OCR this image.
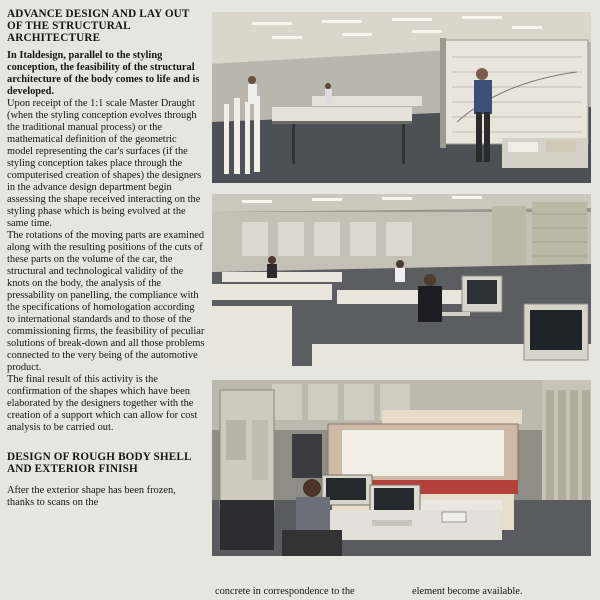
ADVANCE DESIGN AND LAY OUT OF THE STRUCTURAL ARCHITECTURE

In Italdesign, parallel to the styling conception, the feasibility of the structural architecture of the body comes to life and is developed.

Upon receipt of the 1:1 scale Master Draught (when the styling conception evolves through the traditional manual process) or the mathematical definition of the geometric model representing the car's surfaces (if the styling conception takes place through the computerised creation of shapes) the designers in the advance design department begin assessing the shape received interacting on the styling phase which is being evolved at the same time.

The rotations of the moving parts are examined along with the resulting positions of the cuts of these parts on the volume of the car, the structural and technological validity of the knots on the body, the analysis of the pressability on panelling, the compliance with the specifications of homologation according to international standards and to those of the commissioning firms, the feasibility of peculiar solutions of break-down and all those problems connected to the very being of the automotive product.

The final result of this activity is the confirmation of the shapes which have been elaborated by the designers together with the creation of a support which can allow for cost analysis to be carried out.

DESIGN OF ROUGH BODY SHELL AND EXTERIOR FINISH

After the exterior shape has been frozen, thanks to scans on the

concrete in correspondence to the	element become available.
